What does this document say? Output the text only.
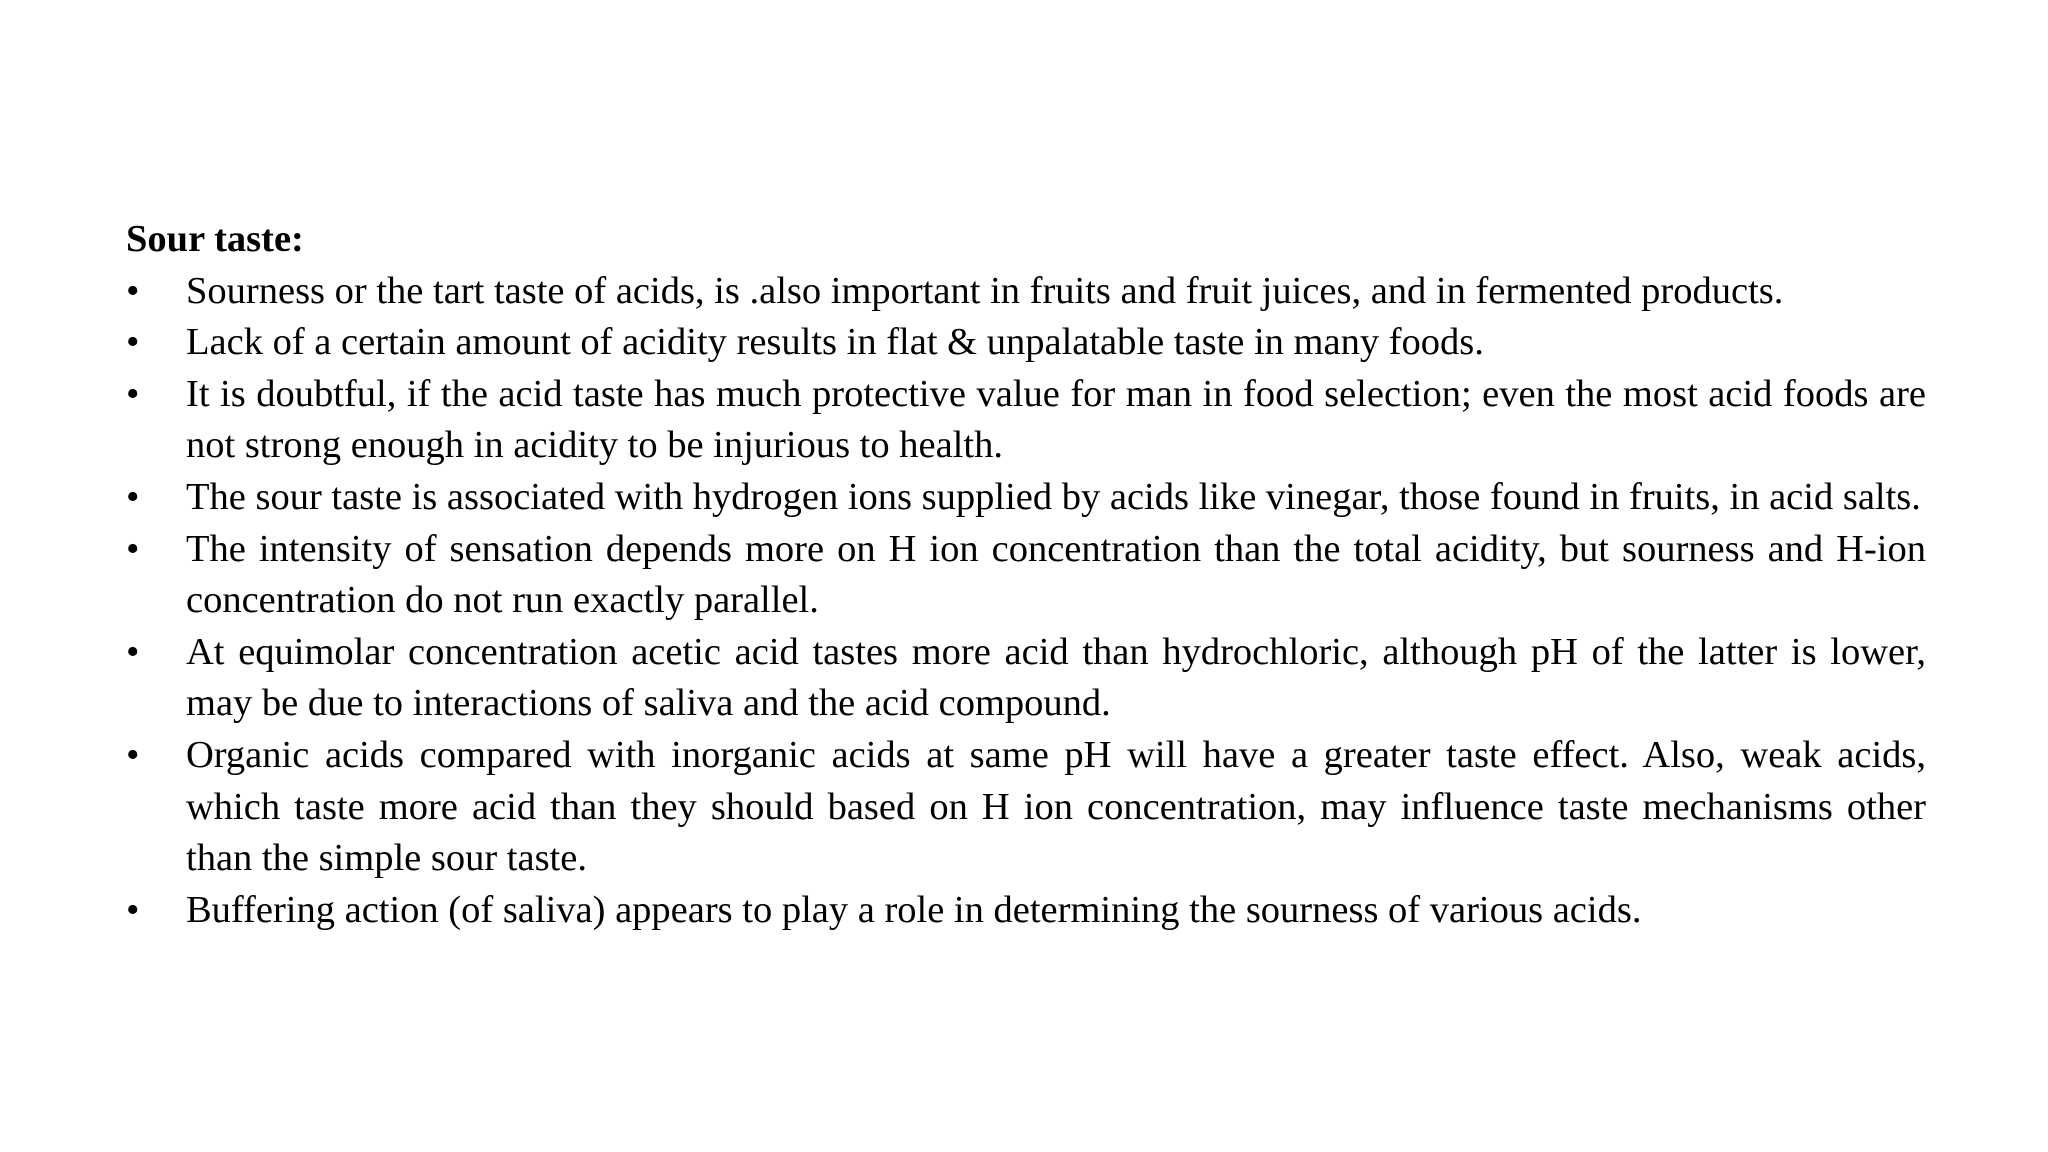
Sour taste:

• Sourness or the tart taste of acids, is .also important in fruits and fruit juices, and in fermented products.
• Lack of a certain amount of acidity results in flat & unpalatable taste in many foods.
• It is doubtful, if the acid taste has much protective value for man in food selection; even the most acid foods are not strong enough in acidity to be injurious to health.
• The sour taste is associated with hydrogen ions supplied by acids like vinegar, those found in fruits, in acid salts.
• The intensity of sensation depends more on H ion concentration than the total acidity, but sourness and H-ion concentration do not run exactly parallel.
• At equimolar concentration acetic acid tastes more acid than hydrochloric, although pH of the latter is lower, may be due to interactions of saliva and the acid compound.
• Organic acids compared with inorganic acids at same pH will have a greater taste effect. Also, weak acids, which taste more acid than they should based on H ion concentration, may influence taste mechanisms other than the simple sour taste.
• Buffering action (of saliva) appears to play a role in determining the sourness of various acids.
